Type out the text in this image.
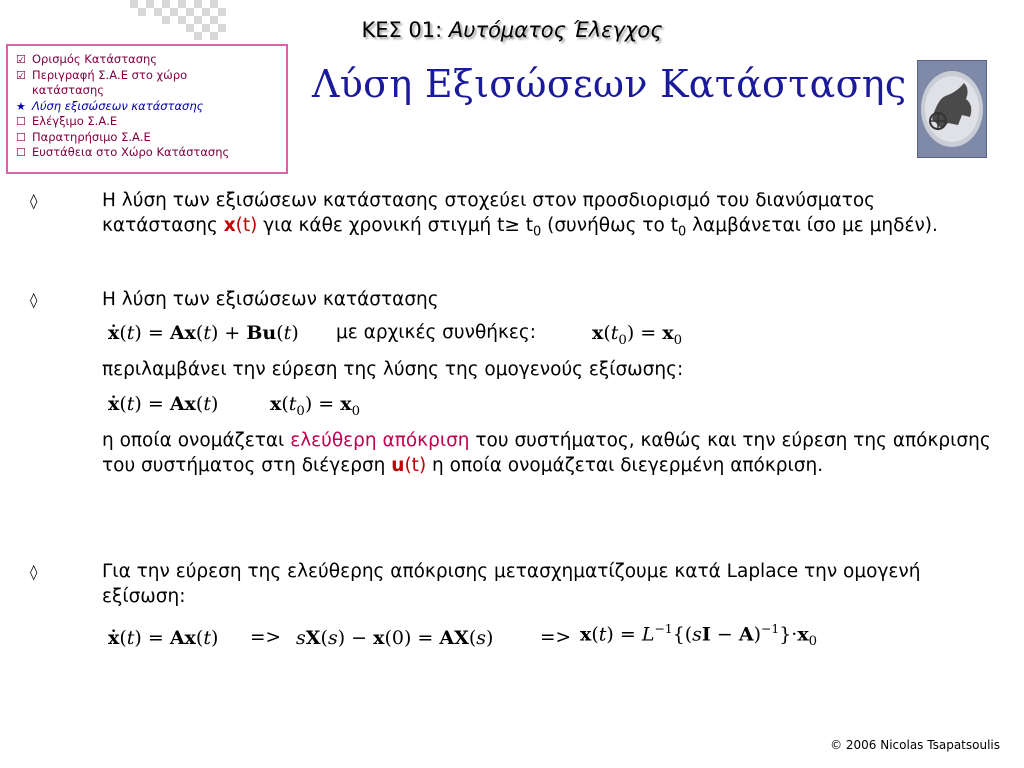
ΚΕΣ 01: Αυτόματος Έλεγχος
☑ Ορισμός Κατάστασης
☑ Περιγραφή Σ.Α.Ε στο χώρο κατάστασης
★ Λύση εξισώσεων κατάστασης
☐ Ελέγξιμο Σ.Α.Ε
☐ Παρατηρήσιμο Σ.Α.Ε
☐ Ευστάθεια στο Χώρο Κατάστασης
Λύση Εξισώσεων Κατάστασης
◊	Η λύση των εξισώσεων κατάστασης στοχεύει στον προσδιορισμό του διανύσματος κατάστασης x(t) για κάθε χρονική στιγμή $t\ge t_0$ (συνήθως το $t_0$ λαμβάνεται ίσο με μηδέν).
◊	Η λύση των εξισώσεων κατάστασης
ẋ(t) = Ax(t) + Bu(t) με αρχικές συνθήκες:	$x(t_0) = x_0$
περιλαμβάνει την εύρεση της λύσης της ομογενούς εξίσωσης:
ẋ(t) = Ax(t)	$x(t_0) = x_0$
η οποία ονομάζεται ελεύθερη απόκριση του συστήματος, καθώς και την εύρεση της απόκρισης του συστήματος στη διέγερση u(t) η οποία ονομάζεται διεγερμένη απόκριση.
◊	Για την εύρεση της ελεύθερης απόκρισης μετασχηματίζουμε κατά Laplace την ομογενή εξίσωση:
ẋ(t) = Ax(t) => sX(s) − x(0) = AX(s)	=> $x(t) = L^{-1}\{(sI - A)^{-1}\}\cdot x_0$
© 2006 Nicolas Tsapatsoulis
